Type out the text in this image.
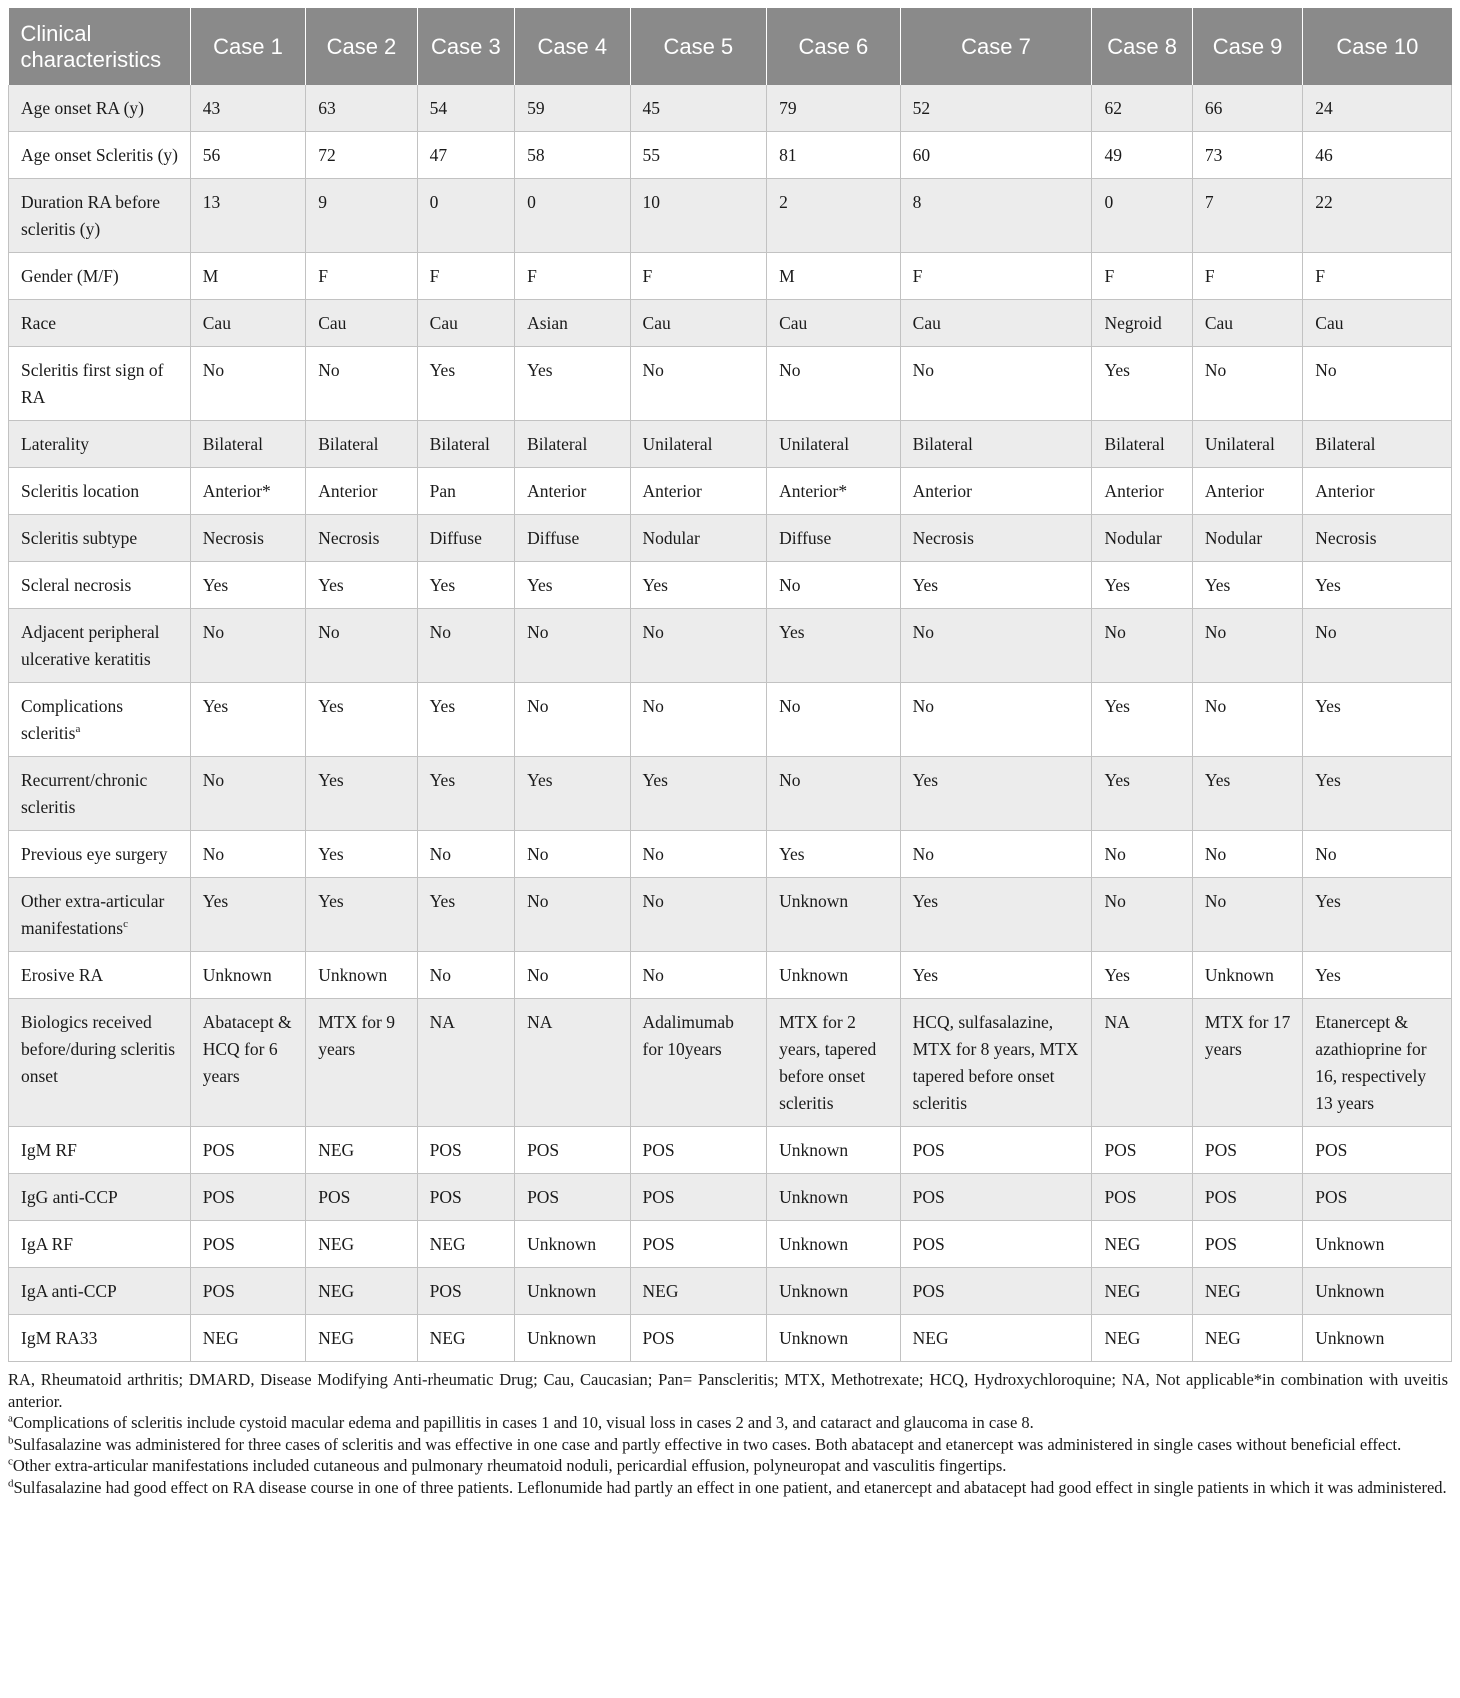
Clinical characteristics	Case 1	Case 2	Case 3	Case 4	Case 5	Case 6	Case 7	Case 8	Case 9	Case 10
Age onset RA (y)	43	63	54	59	45	79	52	62	66	24
Age onset Scleritis (y)	56	72	47	58	55	81	60	49	73	46
Duration RA before scleritis (y)	13	9	0	0	10	2	8	0	7	22
Gender (M/F)	M	F	F	F	F	M	F	F	F	F
Race	Cau	Cau	Cau	Asian	Cau	Cau	Cau	Negroid	Cau	Cau
Scleritis first sign of RA	No	No	Yes	Yes	No	No	No	Yes	No	No
Laterality	Bilateral	Bilateral	Bilateral	Bilateral	Unilateral	Unilateral	Bilateral	Bilateral	Unilateral	Bilateral
Scleritis location	Anterior*	Anterior	Pan	Anterior	Anterior	Anterior*	Anterior	Anterior	Anterior	Anterior
Scleritis subtype	Necrosis	Necrosis	Diffuse	Diffuse	Nodular	Diffuse	Necrosis	Nodular	Nodular	Necrosis
Scleral necrosis	Yes	Yes	Yes	Yes	Yes	No	Yes	Yes	Yes	Yes
Adjacent peripheral ulcerative keratitis	No	No	No	No	No	Yes	No	No	No	No
Complications scleritis$^a$	Yes	Yes	Yes	No	No	No	No	Yes	No	Yes
Recurrent/chronic scleritis	No	Yes	Yes	Yes	Yes	No	Yes	Yes	Yes	Yes
Previous eye surgery	No	Yes	No	No	No	Yes	No	No	No	No
Other extra-articular manifestations$^c$	Yes	Yes	Yes	No	No	Unknown	Yes	No	No	Yes
Erosive RA	Unknown	Unknown	No	No	No	Unknown	Yes	Yes	Unknown	Yes
Biologics received before/during scleritis onset	Abatacept & HCQ for 6 years	MTX for 9 years	NA	NA	Adalimumab for 10years	MTX for 2 years, tapered before onset scleritis	HCQ, sulfasalazine, MTX for 8 years, MTX tapered before onset scleritis	NA	MTX for 17 years	Etanercept & azathioprine for 16, respectively 13 years
IgM RF	POS	NEG	POS	POS	POS	Unknown	POS	POS	POS	POS
IgG anti-CCP	POS	POS	POS	POS	POS	Unknown	POS	POS	POS	POS
IgA RF	POS	NEG	NEG	Unknown	POS	Unknown	POS	NEG	POS	Unknown
IgA anti-CCP	POS	NEG	POS	Unknown	NEG	Unknown	POS	NEG	NEG	Unknown
IgM RA33	NEG	NEG	NEG	Unknown	POS	Unknown	NEG	NEG	NEG	Unknown

RA, Rheumatoid arthritis; DMARD, Disease Modifying Anti-rheumatic Drug; Cau, Caucasian; Pan= Panscleritis; MTX, Methotrexate; HCQ, Hydroxychloroquine; NA, Not applicable*in combination with uveitis anterior.

$^a$Complications of scleritis include cystoid macular edema and papillitis in cases 1 and 10, visual loss in cases 2 and 3, and cataract and glaucoma in case 8.

$^b$Sulfasalazine was administered for three cases of scleritis and was effective in one case and partly effective in two cases. Both abatacept and etanercept was administered in single cases without beneficial effect.

$^c$Other extra-articular manifestations included cutaneous and pulmonary rheumatoid noduli, pericardial effusion, polyneuropat and vasculitis fingertips.

$^d$Sulfasalazine had good effect on RA disease course in one of three patients. Leflonumide had partly an effect in one patient, and etanercept and abatacept had good effect in single patients in which it was administered.
